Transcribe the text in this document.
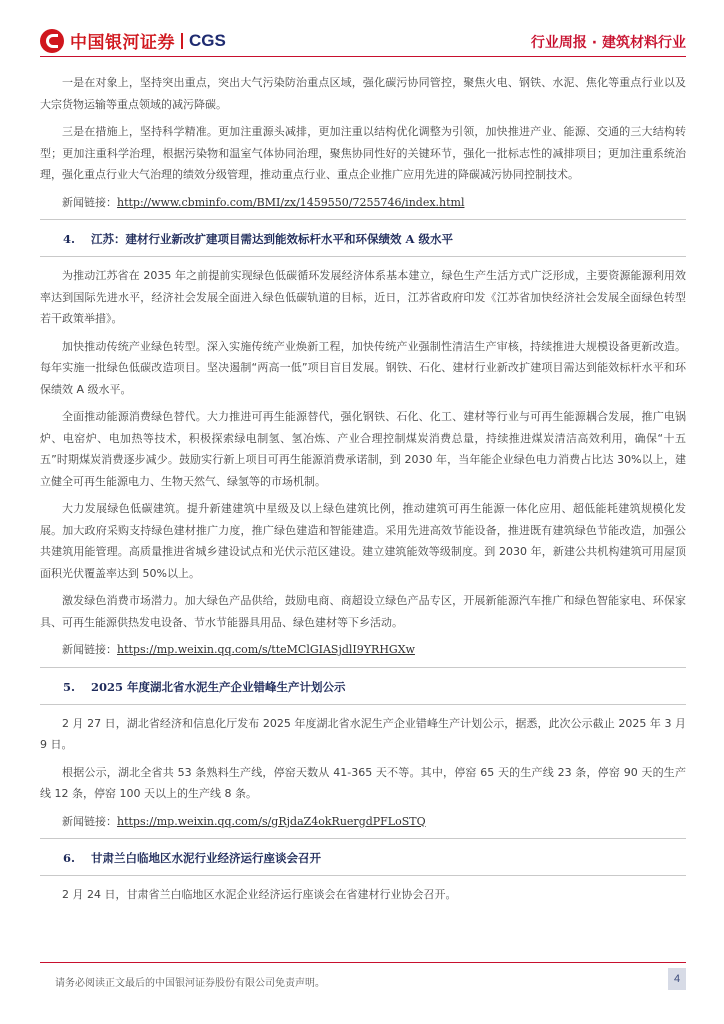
中国银河证券 CGS	行业周报 · 建筑材料行业

一是在对象上，坚持突出重点，突出大气污染防治重点区域，强化碳污协同管控，聚焦火电、钢铁、水泥、焦化等重点行业以及大宗货物运输等重点领域的减污降碳。

三是在措施上，坚持科学精准。更加注重源头减排，更加注重以结构优化调整为引领，加快推进产业、能源、交通的三大结构转型；更加注重科学治理，根据污染物和温室气体协同治理，聚焦协同性好的关键环节，强化一批标志性的减排项目；更加注重系统治理，强化重点行业大气治理的绩效分级管理，推动重点行业、重点企业推广应用先进的降碳减污协同控制技术。

新闻链接：http://www.cbminfo.com/BMI/zx/1459550/7255746/index.html
4. 江苏：建材行业新改扩建项目需达到能效标杆水平和环保绩效 A 级水平

为推动江苏省在 2035 年之前提前实现绿色低碳循环发展经济体系基本建立，绿色生产生活方式广泛形成，主要资源能源利用效率达到国际先进水平，经济社会发展全面进入绿色低碳轨道的目标，近日，江苏省政府印发《江苏省加快经济社会发展全面绿色转型若干政策举措》。

加快推动传统产业绿色转型。深入实施传统产业焕新工程，加快传统产业强制性清洁生产审核，持续推进大规模设备更新改造。每年实施一批绿色低碳改造项目。坚决遏制“两高一低”项目盲目发展。钢铁、石化、建材行业新改扩建项目需达到能效标杆水平和环保绩效 A 级水平。

全面推动能源消费绿色替代。大力推进可再生能源替代，强化钢铁、石化、化工、建材等行业与可再生能源耦合发展，推广电锅炉、电窑炉、电加热等技术，积极探索绿电制氢、氢冶炼、产业合理控制煤炭消费总量，持续推进煤炭清洁高效利用，确保“十五五”时期煤炭消费逐步减少。鼓励实行新上项目可再生能源消费承诺制，到 2030 年，当年能企业绿色电力消费占比达 30%以上，建立健全可再生能源电力、生物天然气、绿氢等的市场机制。

大力发展绿色低碳建筑。提升新建建筑中星级及以上绿色建筑比例，推动建筑可再生能源一体化应用、超低能耗建筑规模化发展。加大政府采购支持绿色建材推广力度，推广绿色建造和智能建造。采用先进高效节能设备，推进既有建筑绿色节能改造，加强公共建筑用能管理。高质量推进省城乡建设试点和光伏示范区建设。建立建筑能效等级制度。到 2030 年，新建公共机构建筑可用屋顶面积光伏覆盖率达到 50%以上。

激发绿色消费市场潜力。加大绿色产品供给，鼓励电商、商超设立绿色产品专区，开展新能源汽车推广和绿色智能家电、环保家具、可再生能源供热发电设备、节水节能器具用品、绿色建材等下乡活动。

新闻链接：https://mp.weixin.qq.com/s/tteMClGIASjdlI9YRHGXw
5. 2025 年度湖北省水泥生产企业错峰生产计划公示

2 月 27 日，湖北省经济和信息化厅发布 2025 年度湖北省水泥生产企业错峰生产计划公示，据悉，此次公示截止 2025 年 3 月 9 日。

根据公示，湖北全省共 53 条熟料生产线，停窑天数从 41-365 天不等。其中，停窑 65 天的生产线 23 条，停窑 90 天的生产线 12 条，停窑 100 天以上的生产线 8 条。

新闻链接：https://mp.weixin.qq.com/s/gRjdaZ4okRuergdPFLoSTQ
6. 甘肃兰白临地区水泥行业经济运行座谈会召开

2 月 24 日，甘肃省兰白临地区水泥企业经济运行座谈会在省建材行业协会召开。

请务必阅读正文最后的中国银河证券股份有限公司免责声明。	4
